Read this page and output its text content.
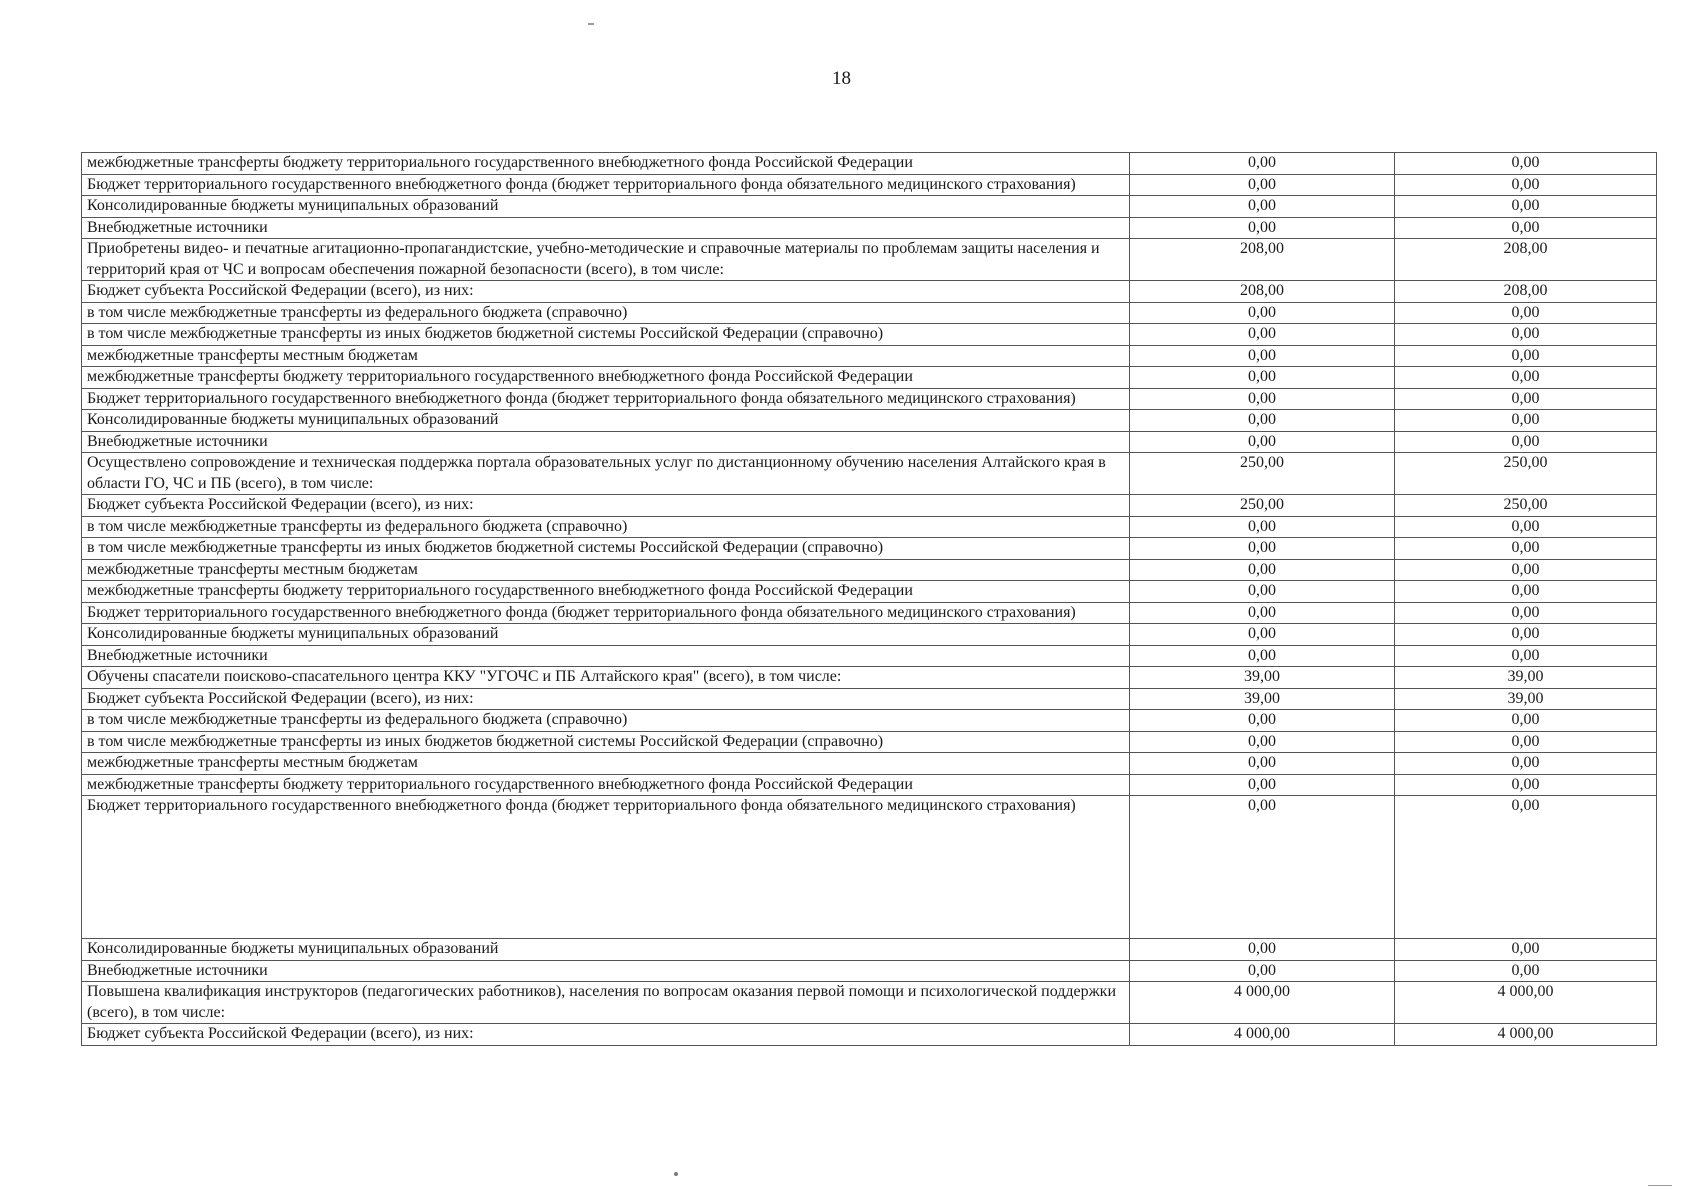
18
межбюджетные трансферты бюджету территориального государственного внебюджетного фонда Российской Федерации	0,00	0,00
Бюджет территориального государственного внебюджетного фонда (бюджет территориального фонда обязательного медицинского страхования)	0,00	0,00
Консолидированные бюджеты муниципальных образований	0,00	0,00
Внебюджетные источники	0,00	0,00
Приобретены видео- и печатные агитационно-пропагандистские, учебно-методические и справочные материалы по проблемам защиты населения и территорий края от ЧС и вопросам обеспечения пожарной безопасности (всего), в том числе:	208,00	208,00
Бюджет субъекта Российской Федерации (всего), из них:	208,00	208,00
в том числе межбюджетные трансферты из федерального бюджета (справочно)	0,00	0,00
в том числе межбюджетные трансферты из иных бюджетов бюджетной системы Российской Федерации (справочно)	0,00	0,00
межбюджетные трансферты местным бюджетам	0,00	0,00
межбюджетные трансферты бюджету территориального государственного внебюджетного фонда Российской Федерации	0,00	0,00
Бюджет территориального государственного внебюджетного фонда (бюджет территориального фонда обязательного медицинского страхования)	0,00	0,00
Консолидированные бюджеты муниципальных образований	0,00	0,00
Внебюджетные источники	0,00	0,00
Осуществлено сопровождение и техническая поддержка портала образовательных услуг по дистанционному обучению населения Алтайского края в области ГО, ЧС и ПБ (всего), в том числе:	250,00	250,00
Бюджет субъекта Российской Федерации (всего), из них:	250,00	250,00
в том числе межбюджетные трансферты из федерального бюджета (справочно)	0,00	0,00
в том числе межбюджетные трансферты из иных бюджетов бюджетной системы Российской Федерации (справочно)	0,00	0,00
межбюджетные трансферты местным бюджетам	0,00	0,00
межбюджетные трансферты бюджету территориального государственного внебюджетного фонда Российской Федерации	0,00	0,00
Бюджет территориального государственного внебюджетного фонда (бюджет территориального фонда обязательного медицинского страхования)	0,00	0,00
Консолидированные бюджеты муниципальных образований	0,00	0,00
Внебюджетные источники	0,00	0,00
Обучены спасатели поисково-спасательного центра ККУ "УГОЧС и ПБ Алтайского края" (всего), в том числе:	39,00	39,00
Бюджет субъекта Российской Федерации (всего), из них:	39,00	39,00
в том числе межбюджетные трансферты из федерального бюджета (справочно)	0,00	0,00
в том числе межбюджетные трансферты из иных бюджетов бюджетной системы Российской Федерации (справочно)	0,00	0,00
межбюджетные трансферты местным бюджетам	0,00	0,00
межбюджетные трансферты бюджету территориального государственного внебюджетного фонда Российской Федерации	0,00	0,00
Бюджет территориального государственного внебюджетного фонда (бюджет территориального фонда обязательного медицинского страхования)	0,00	0,00
Консолидированные бюджеты муниципальных образований	0,00	0,00
Внебюджетные источники	0,00	0,00
Повышена квалификация инструкторов (педагогических работников), населения по вопросам оказания первой помощи и психологической поддержки (всего), в том числе:	4 000,00	4 000,00
Бюджет субъекта Российской Федерации (всего), из них:	4 000,00	4 000,00
